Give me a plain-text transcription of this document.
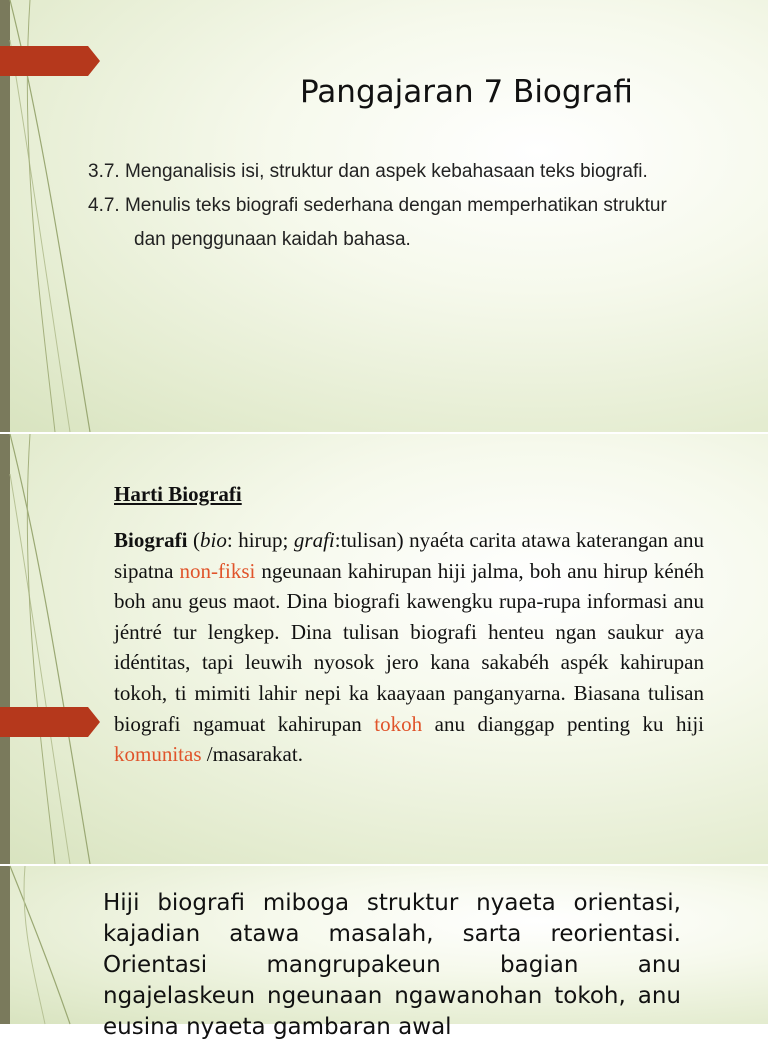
Pangajaran 7 Biografi

3.7. Menganalisis isi, struktur dan aspek kebahasaan teks biografi.

4.7. Menulis teks biografi sederhana dengan memperhatikan struktur dan penggunaan kaidah bahasa.

Harti Biografi
Biografi (bio: hirup; grafi:tulisan) nyaéta carita atawa katerangan anu sipatna non-fiksi ngeunaan kahirupan hiji jalma, boh anu hirup kénéh boh anu geus maot. Dina biografi kawengku rupa-rupa informasi anu jéntré tur lengkep. Dina tulisan biografi henteu ngan saukur aya idéntitas, tapi leuwih nyosok jero kana sakabéh aspék kahirupan tokoh, ti mimiti lahir nepi ka kaayaan panganyarna. Biasana tulisan biografi ngamuat kahirupan tokoh anu dianggap penting ku hiji komunitas /masarakat.
Hiji biografi miboga struktur nyaeta orientasi, kajadian atawa masalah, sarta reorientasi. Orientasi mangrupakeun bagian anu ngajelaskeun ngeunaan ngawanohan tokoh, anu eusina nyaeta gambaran awal
